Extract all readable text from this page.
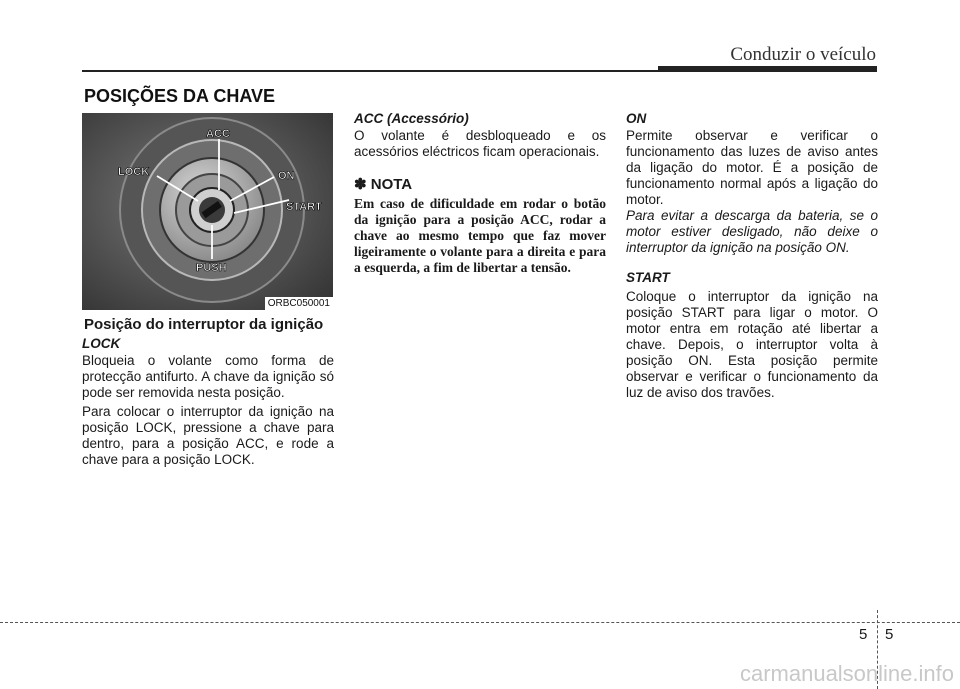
Conduzir o veículo
POSIÇÕES DA CHAVE
ACC
LOCK	ON
START
PUSH
ORBC050001
Posição do interruptor da ignição

LOCK

Bloqueia o volante como forma de protecção antifurto. A chave da ignição só pode ser removida nesta posição.

Para colocar o interruptor da ignição na posição LOCK, pressione a chave para dentro, para a posição ACC, e rode a chave para a posição LOCK.

ACC (Accessório)

O volante é desbloqueado e os acessórios eléctricos ficam operacionais.

✽ NOTA

Em caso de dificuldade em rodar o botão da ignição para a posição ACC, rodar a chave ao mesmo tempo que faz mover ligeiramente o volante para a direita e para a esquerda, a fim de libertar a tensão.

ON

Permite observar e verificar o funcionamento das luzes de aviso antes da ligação do motor. É a posição de funcionamento normal após a ligação do motor.

Para evitar a descarga da bateria, se o motor estiver desligado, não deixe o interruptor da ignição na posição ON.

START

Coloque o interruptor da ignição na posição START para ligar o motor. O motor entra em rotação até libertar a chave. Depois, o interruptor volta à posição ON. Esta posição permite observar e verificar o funcionamento da luz de aviso dos travões.

5 5
carmanualsonline.info
